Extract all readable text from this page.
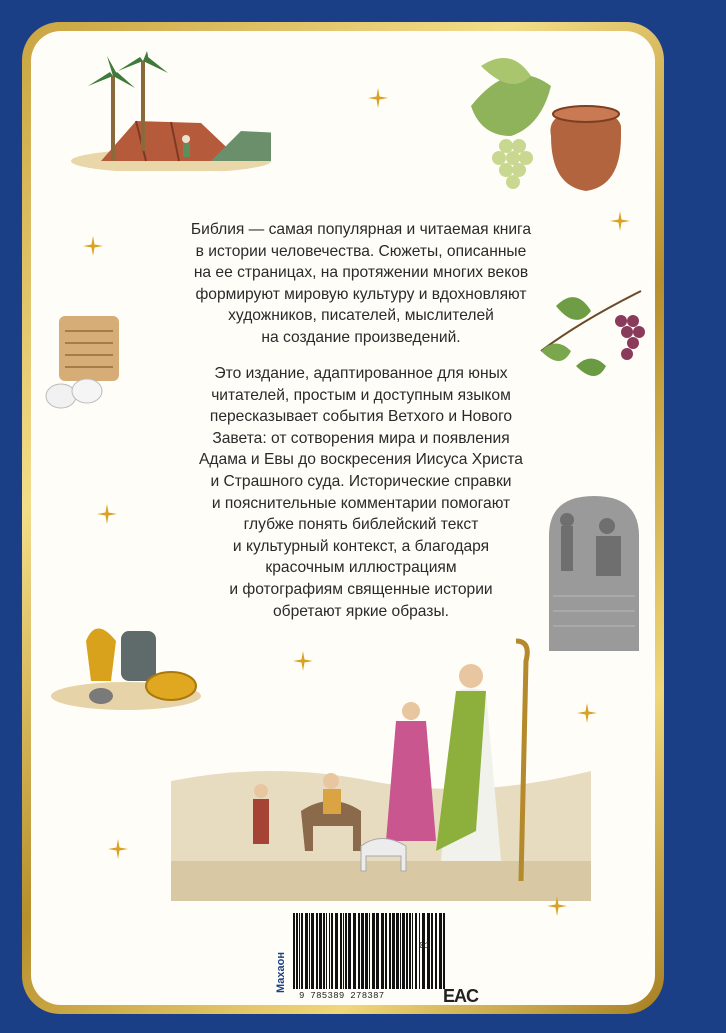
Библия — самая популярная и читаемая книга

в истории человечества. Сюжеты, описанные

на ее страницах, на протяжении многих веков

формируют мировую культуру и вдохновляют

художников, писателей, мыслителей

на создание произведений.

Это издание, адаптированное для юных

читателей, простым и доступным языком

пересказывает события Ветхого и Нового

Завета: от сотворения мира и появления

Адама и Евы до воскресения Иисуса Христа

и Страшного суда. Исторические справки

и пояснительные комментарии помогают

глубже понять библейский текст

и культурный контекст, а благодаря

красочным иллюстрациям

и фотографиям священные истории

обретают яркие образы.

Махаон
9 785389 278387
01
EAC
